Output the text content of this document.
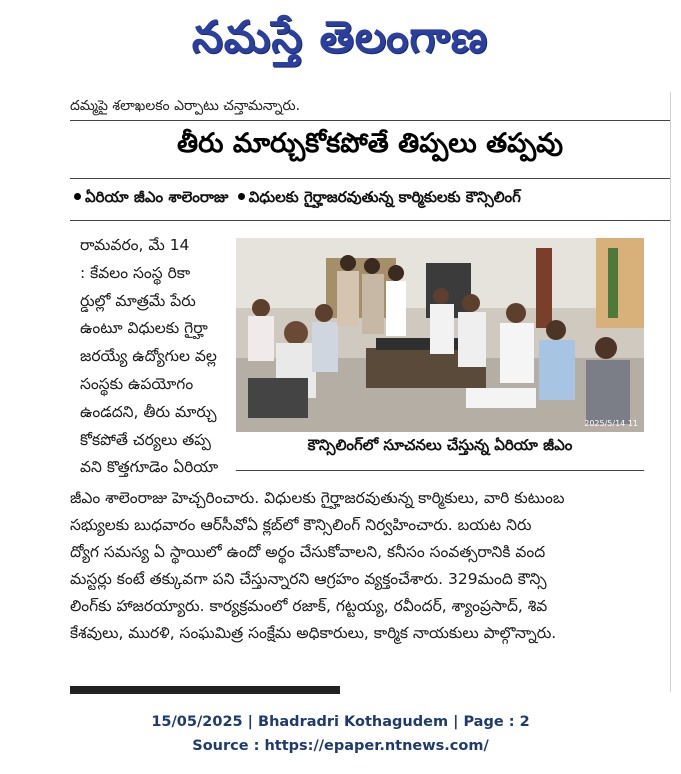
నమస్తే తెలంగాణ
దమ్మపై శలాఖలకం ఎర్పాటు చన్తామన్నారు.
తీరు మార్చుకోకపోతే తిప్పలు తప్పవు
ఏరియా జీఎం శాలెంరాజు విధులకు గైర్హాజరవుతున్న కార్మికులకు కౌన్సిలింగ్
రామవరం, మే 14
: కేవలం సంస్థ రికా
ర్డుల్లో మాత్రమే పేరు
ఉంటూ విధులకు గైర్హా
జరయ్యే ఉద్యోగుల వల్ల
సంస్థకు ఉపయోగం
ఉండదని, తీరు మార్చు
కోకపోతే చర్యలు తప్ప
వని కొత్తగూడెం ఏరియా
2025/5/14 11
కౌన్సిలింగ్‌లో సూచనలు చేస్తున్న ఏరియా జీఎం
జీఎం శాలెంరాజు హెచ్చరించారు. విధులకు గైర్హాజరవుతున్న కార్మికులు, వారి కుటుంబ
సభ్యులకు బుధవారం ఆర్‌సీవోఏ క్లబ్‌లో కౌన్సిలింగ్ నిర్వహించారు. బయట నిరు
ద్యోగ సమస్య ఏ స్థాయిలో ఉందో అర్థం చేసుకోవాలని, కనీసం సంవత్సరానికి వంద
మస్టర్లు కంటే తక్కువగా పని చేస్తున్నారని ఆగ్రహం వ్యక్తంచేశారు. 329మంది కౌన్సి
లింగ్‌కు హాజరయ్యారు. కార్యక్రమంలో రజాక్, గట్టయ్య, రవీందర్, శ్యాంప్రసాద్, శివ
కేశవులు, మురళి, సంఘమిత్ర సంక్షేమ అధికారులు, కార్మిక నాయకులు పాల్గొన్నారు.
15/05/2025 | Bhadradri Kothagudem | Page : 2
Source : https://epaper.ntnews.com/
